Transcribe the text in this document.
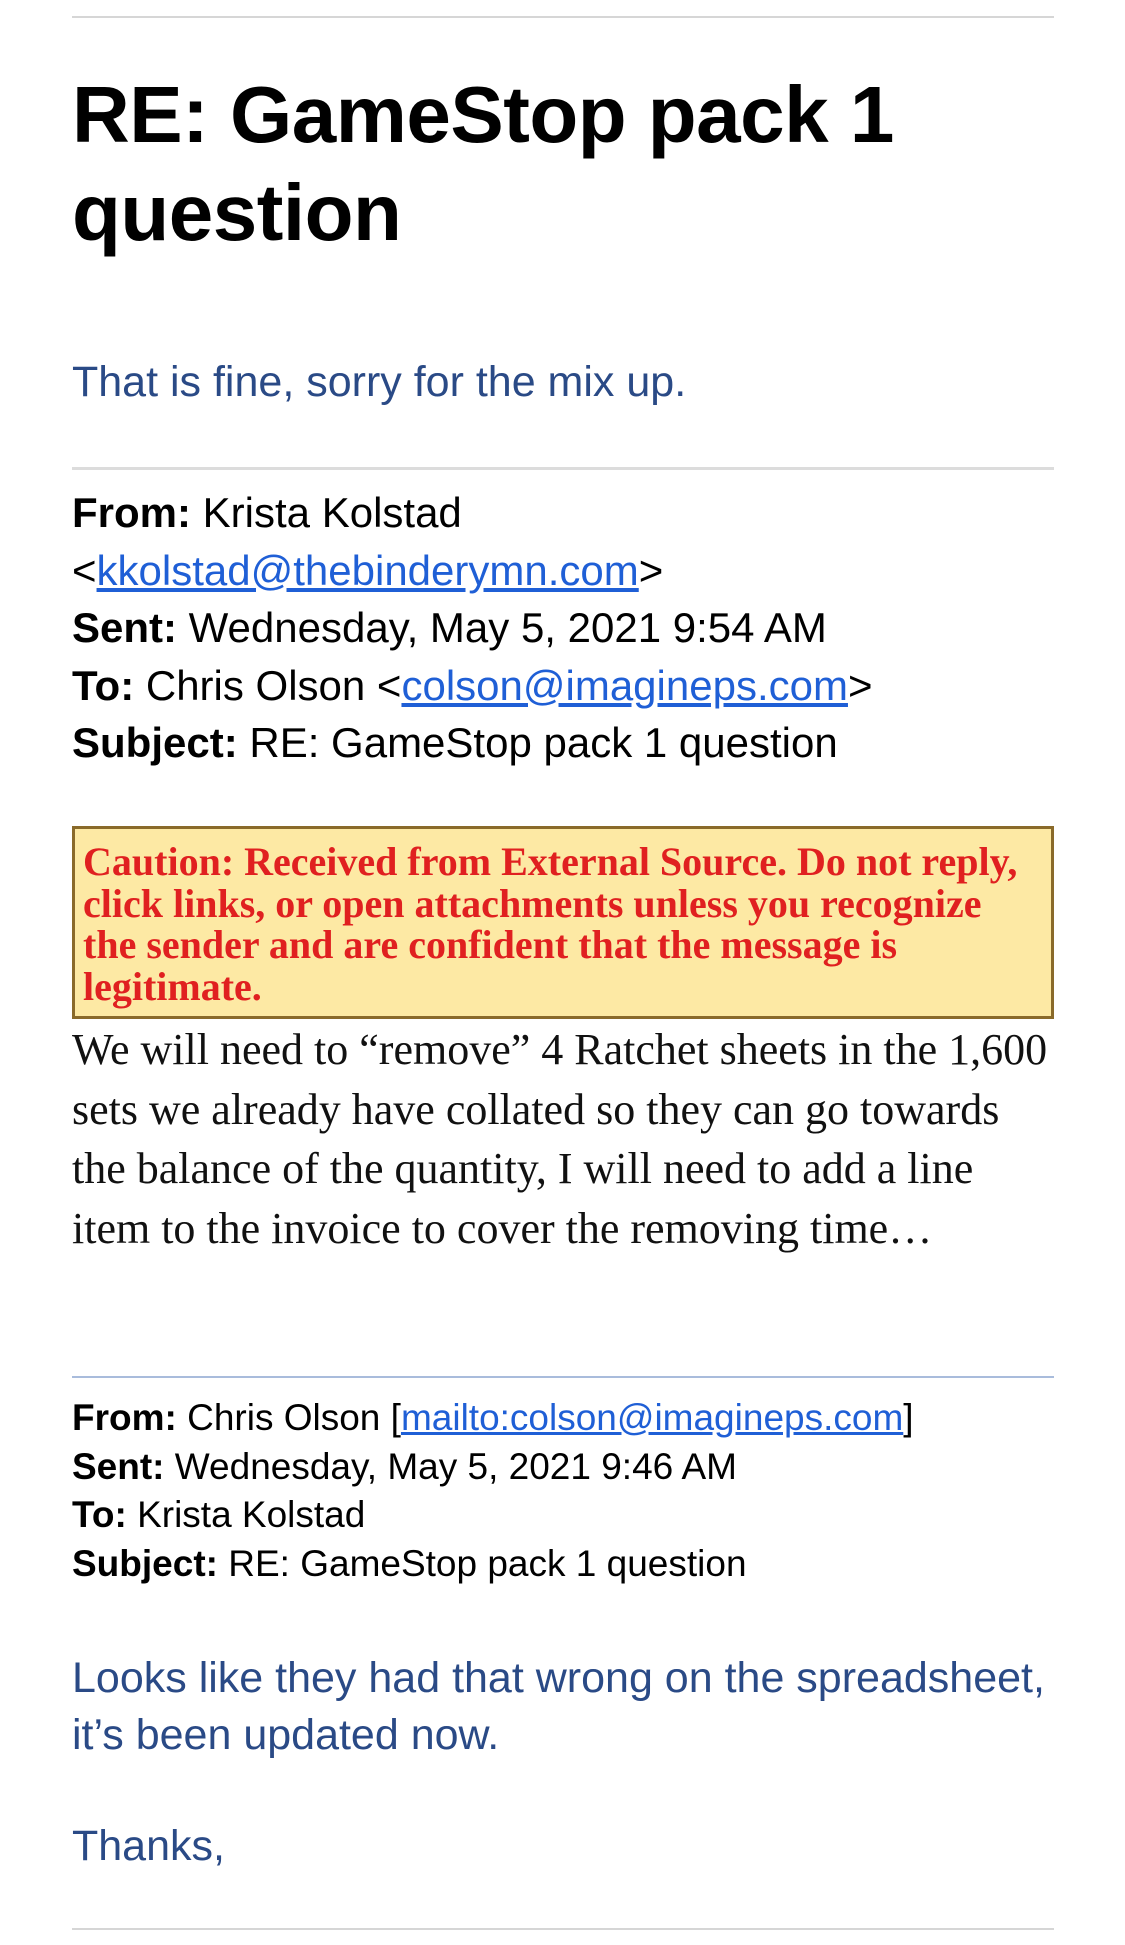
RE: GameStop pack 1 question
That is fine, sorry for the mix up.
From: Krista Kolstad
<kkolstad@thebinderymn.com>
Sent: Wednesday, May 5, 2021 9:54 AM
To: Chris Olson <colson@imagineps.com>
Subject: RE: GameStop pack 1 question
Caution: Received from External Source. Do not reply, click links, or open attachments unless you recognize the sender and are confident that the message is legitimate.
We will need to “remove” 4 Ratchet sheets in the 1,600 sets we already have collated so they can go towards the balance of the quantity, I will need to add a line item to the invoice to cover the removing time…
From: Chris Olson [mailto:colson@imagineps.com]
Sent: Wednesday, May 5, 2021 9:46 AM
To: Krista Kolstad
Subject: RE: GameStop pack 1 question
Looks like they had that wrong on the spreadsheet, it’s been updated now.
Thanks,
